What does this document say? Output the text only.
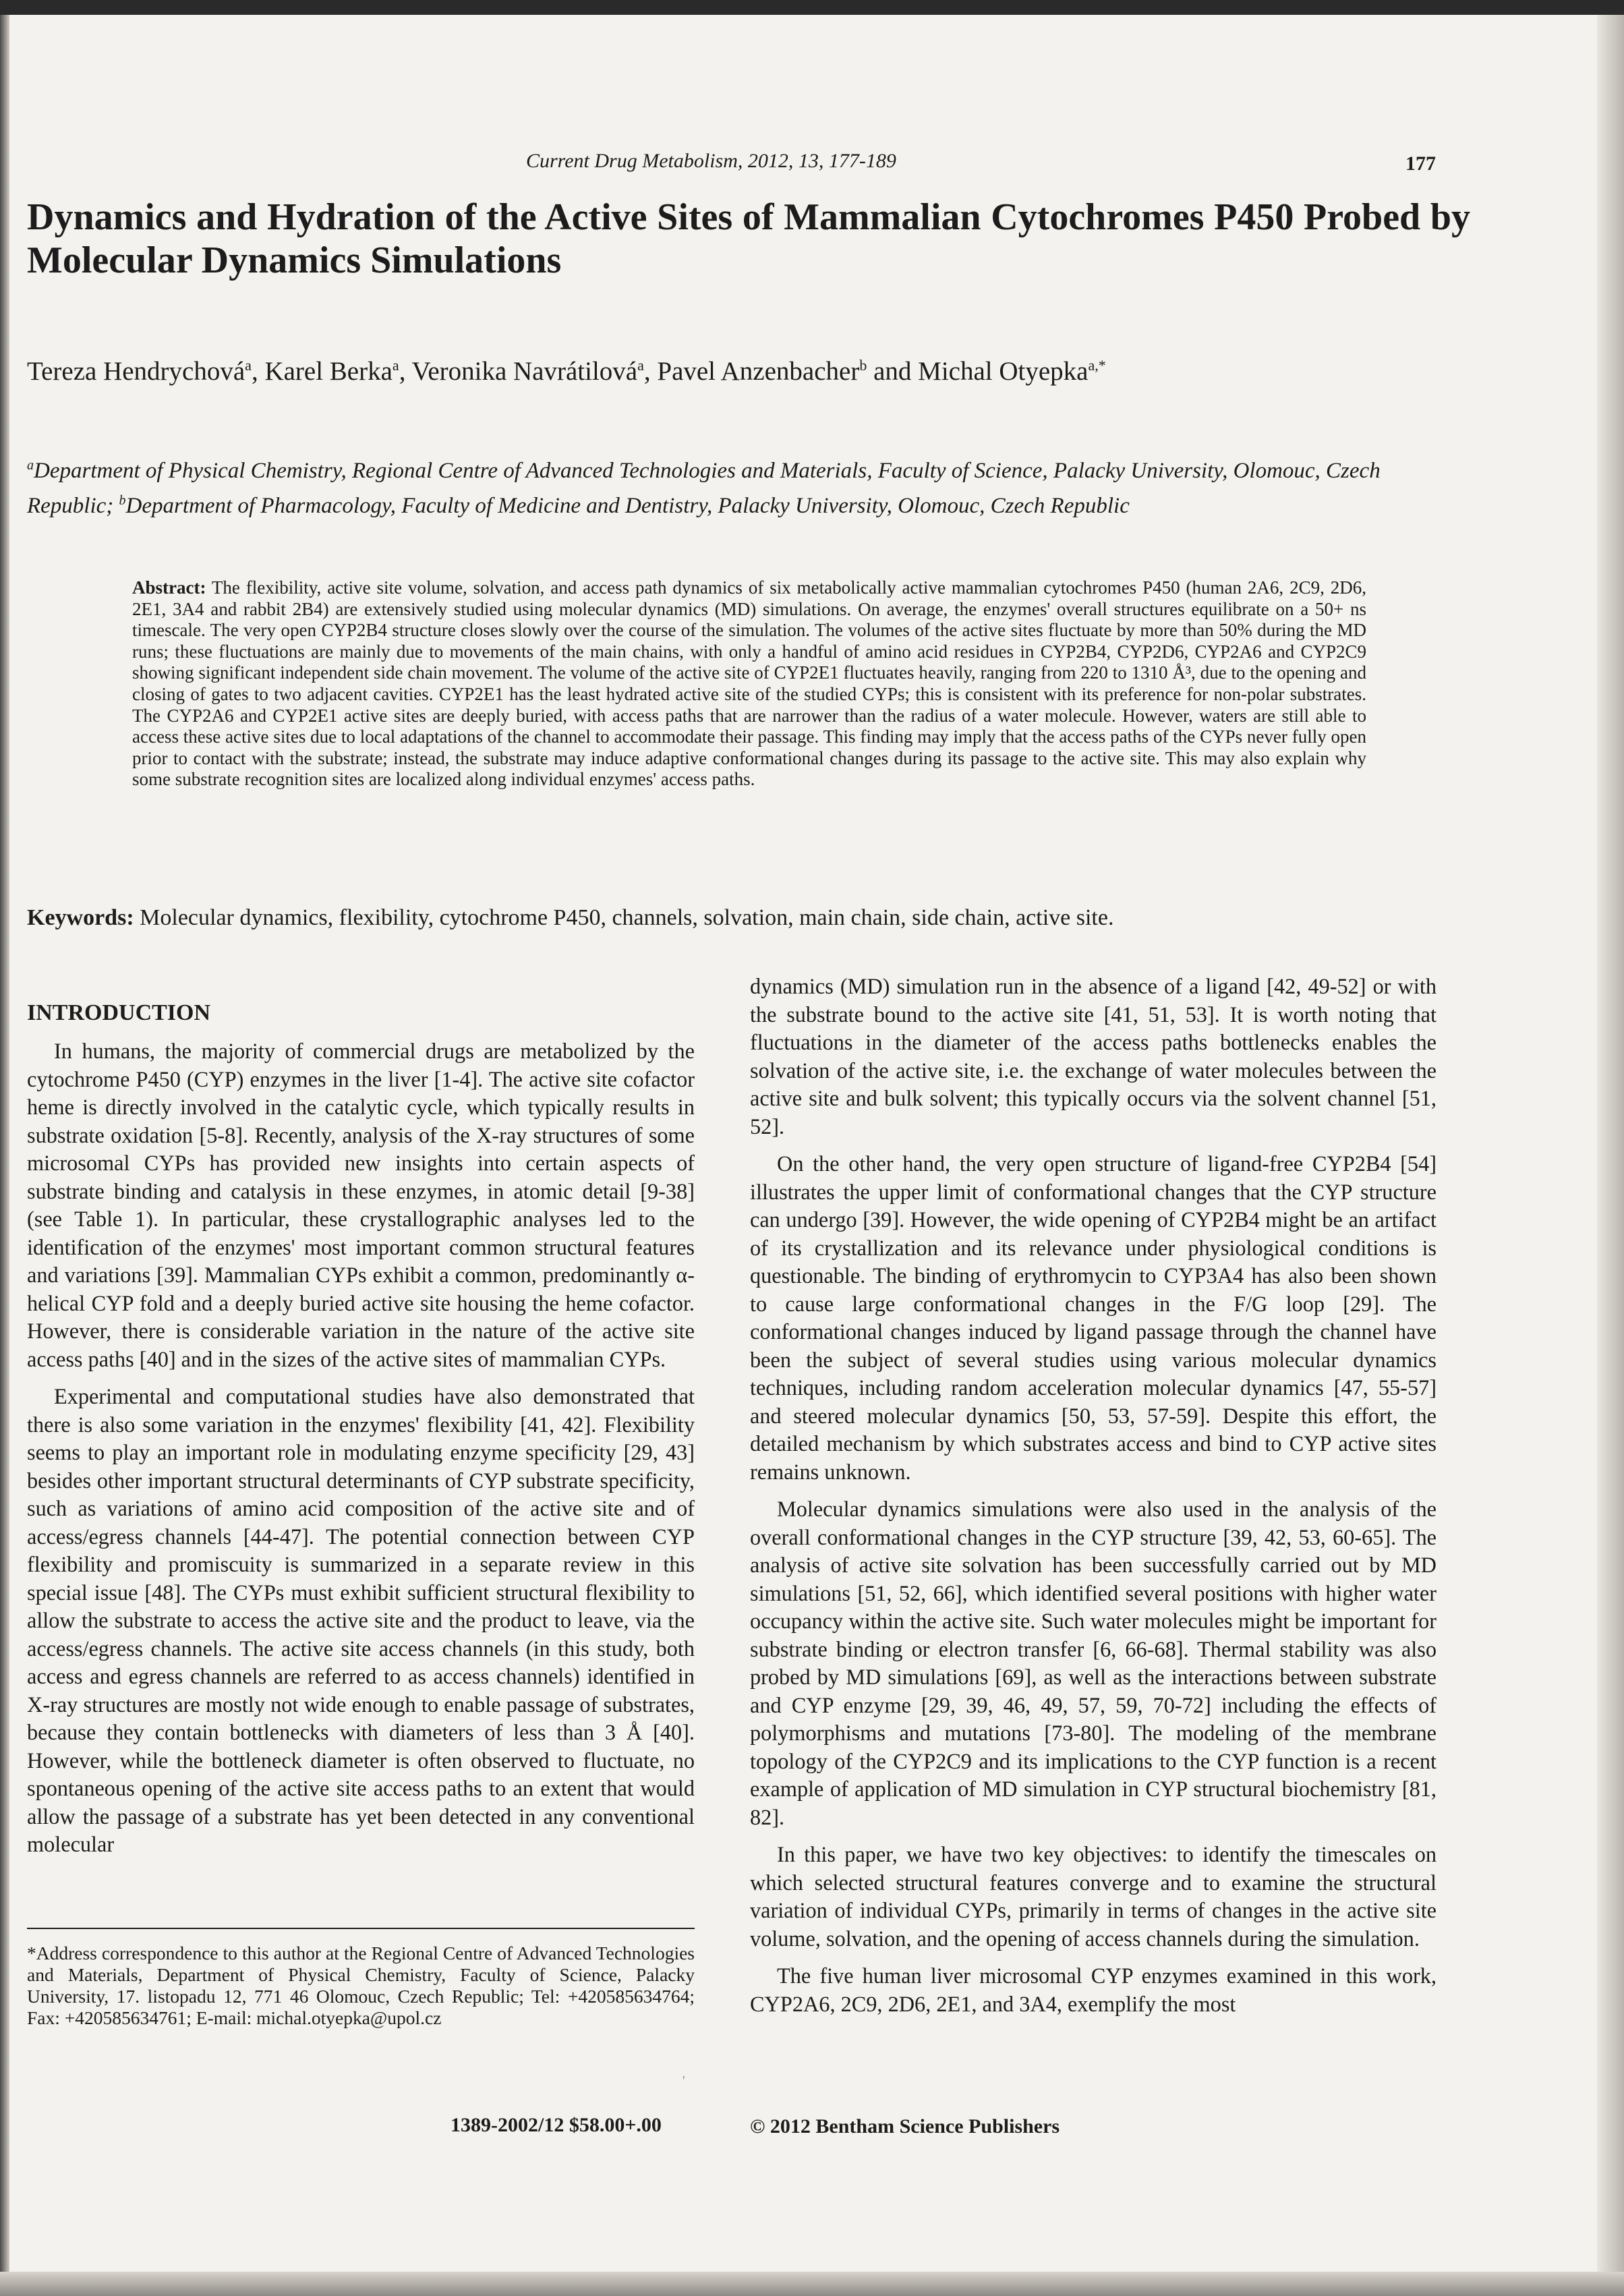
Current Drug Metabolism, 2012, 13, 177-189	177
Dynamics and Hydration of the Active Sites of Mammalian Cytochromes P450 Probed by Molecular Dynamics Simulations
Tereza Hendrychová$^a$, Karel Berka$^a$, Veronika Navrátilová$^a$, Pavel Anzenbacher$^b$ and Michal Otyepka$^{a,*}$
$^a$Department of Physical Chemistry, Regional Centre of Advanced Technologies and Materials, Faculty of Science, Palacky University, Olomouc, Czech Republic; $^b$Department of Pharmacology, Faculty of Medicine and Dentistry, Palacky University, Olomouc, Czech Republic
Abstract: The flexibility, active site volume, solvation, and access path dynamics of six metabolically active mammalian cytochromes P450 (human 2A6, 2C9, 2D6, 2E1, 3A4 and rabbit 2B4) are extensively studied using molecular dynamics (MD) simulations. On average, the enzymes' overall structures equilibrate on a 50+ ns timescale. The very open CYP2B4 structure closes slowly over the course of the simulation. The volumes of the active sites fluctuate by more than 50% during the MD runs; these fluctuations are mainly due to movements of the main chains, with only a handful of amino acid residues in CYP2B4, CYP2D6, CYP2A6 and CYP2C9 showing significant independent side chain movement. The volume of the active site of CYP2E1 fluctuates heavily, ranging from 220 to 1310 Å³, due to the opening and closing of gates to two adjacent cavities. CYP2E1 has the least hydrated active site of the studied CYPs; this is consistent with its preference for non-polar substrates. The CYP2A6 and CYP2E1 active sites are deeply buried, with access paths that are narrower than the radius of a water molecule. However, waters are still able to access these active sites due to local adaptations of the channel to accommodate their passage. This finding may imply that the access paths of the CYPs never fully open prior to contact with the substrate; instead, the substrate may induce adaptive conformational changes during its passage to the active site. This may also explain why some substrate recognition sites are localized along individual enzymes' access paths.
Keywords: Molecular dynamics, flexibility, cytochrome P450, channels, solvation, main chain, side chain, active site.
INTRODUCTION

In humans, the majority of commercial drugs are metabolized by the cytochrome P450 (CYP) enzymes in the liver [1-4]. The active site cofactor heme is directly involved in the catalytic cycle, which typically results in substrate oxidation [5-8]. Recently, analysis of the X-ray structures of some microsomal CYPs has provided new insights into certain aspects of substrate binding and catalysis in these enzymes, in atomic detail [9-38] (see Table 1). In particular, these crystallographic analyses led to the identification of the enzymes' most important common structural features and variations [39]. Mammalian CYPs exhibit a common, predominantly α-helical CYP fold and a deeply buried active site housing the heme cofactor. However, there is considerable variation in the nature of the active site access paths [40] and in the sizes of the active sites of mammalian CYPs.

Experimental and computational studies have also demonstrated that there is also some variation in the enzymes' flexibility [41, 42]. Flexibility seems to play an important role in modulating enzyme specificity [29, 43] besides other important structural determinants of CYP substrate specificity, such as variations of amino acid composition of the active site and of access/egress channels [44-47]. The potential connection between CYP flexibility and promiscuity is summarized in a separate review in this special issue [48]. The CYPs must exhibit sufficient structural flexibility to allow the substrate to access the active site and the product to leave, via the access/egress channels. The active site access channels (in this study, both access and egress channels are referred to as access channels) identified in X-ray structures are mostly not wide enough to enable passage of substrates, because they contain bottlenecks with diameters of less than 3 Å [40]. However, while the bottleneck diameter is often observed to fluctuate, no spontaneous opening of the active site access paths to an extent that would allow the passage of a substrate has yet been detected in any conventional molecular

dynamics (MD) simulation run in the absence of a ligand [42, 49-52] or with the substrate bound to the active site [41, 51, 53]. It is worth noting that fluctuations in the diameter of the access paths bottlenecks enables the solvation of the active site, i.e. the exchange of water molecules between the active site and bulk solvent; this typically occurs via the solvent channel [51, 52].

On the other hand, the very open structure of ligand-free CYP2B4 [54] illustrates the upper limit of conformational changes that the CYP structure can undergo [39]. However, the wide opening of CYP2B4 might be an artifact of its crystallization and its relevance under physiological conditions is questionable. The binding of erythromycin to CYP3A4 has also been shown to cause large conformational changes in the F/G loop [29]. The conformational changes induced by ligand passage through the channel have been the subject of several studies using various molecular dynamics techniques, including random acceleration molecular dynamics [47, 55-57] and steered molecular dynamics [50, 53, 57-59]. Despite this effort, the detailed mechanism by which substrates access and bind to CYP active sites remains unknown.

Molecular dynamics simulations were also used in the analysis of the overall conformational changes in the CYP structure [39, 42, 53, 60-65]. The analysis of active site solvation has been successfully carried out by MD simulations [51, 52, 66], which identified several positions with higher water occupancy within the active site. Such water molecules might be important for substrate binding or electron transfer [6, 66-68]. Thermal stability was also probed by MD simulations [69], as well as the interactions between substrate and CYP enzyme [29, 39, 46, 49, 57, 59, 70-72] including the effects of polymorphisms and mutations [73-80]. The modeling of the membrane topology of the CYP2C9 and its implications to the CYP function is a recent example of application of MD simulation in CYP structural biochemistry [81, 82].

In this paper, we have two key objectives: to identify the timescales on which selected structural features converge and to examine the structural variation of individual CYPs, primarily in terms of changes in the active site volume, solvation, and the opening of access channels during the simulation.

The five human liver microsomal CYP enzymes examined in this work, CYP2A6, 2C9, 2D6, 2E1, and 3A4, exemplify the most

*Address correspondence to this author at the Regional Centre of Advanced Technologies and Materials, Department of Physical Chemistry, Faculty of Science, Palacky University, 17. listopadu 12, 771 46 Olomouc, Czech Republic; Tel: +420585634764; Fax: +420585634761; E-mail: michal.otyepka@upol.cz
'
1389-2002/12 $58.00+.00	© 2012 Bentham Science Publishers
